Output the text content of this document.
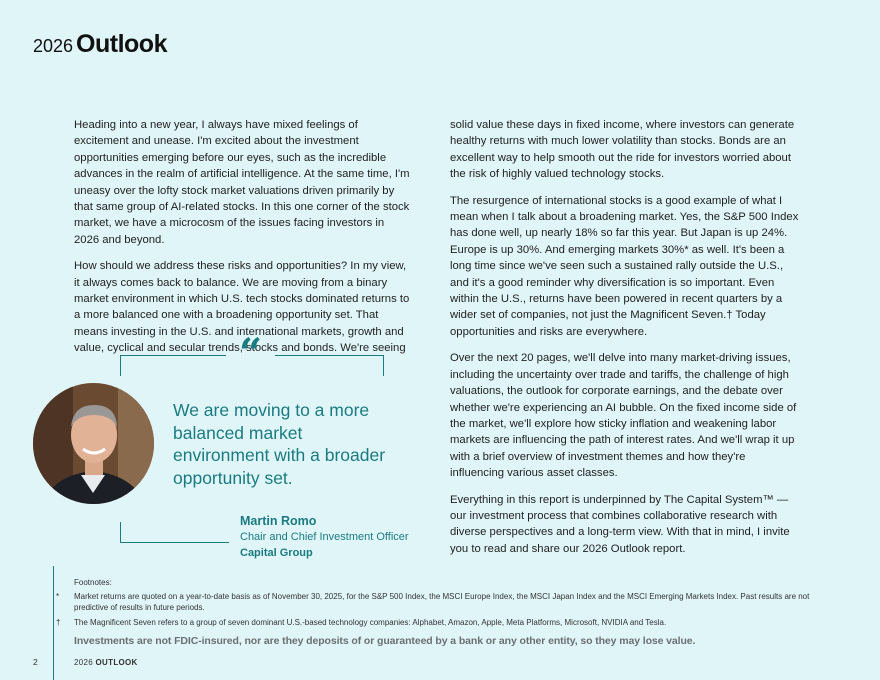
2026 Outlook

Heading into a new year, I always have mixed feelings of excitement and unease. I'm excited about the investment opportunities emerging before our eyes, such as the incredible advances in the realm of artificial intelligence. At the same time, I'm uneasy over the lofty stock market valuations driven primarily by that same group of AI-related stocks. In this one corner of the stock market, we have a microcosm of the issues facing investors in 2026 and beyond.

How should we address these risks and opportunities? In my view, it always comes back to balance. We are moving from a binary market environment in which U.S. tech stocks dominated returns to a more balanced one with a broadening opportunity set. That means investing in the U.S. and international markets, growth and value, cyclical and secular trends, stocks and bonds. We're seeing

solid value these days in fixed income, where investors can generate healthy returns with much lower volatility than stocks. Bonds are an excellent way to help smooth out the ride for investors worried about the risk of highly valued technology stocks.

The resurgence of international stocks is a good example of what I mean when I talk about a broadening market. Yes, the S&P 500 Index has done well, up nearly 18% so far this year. But Japan is up 24%. Europe is up 30%. And emerging markets 30%* as well. It's been a long time since we've seen such a sustained rally outside the U.S., and it's a good reminder why diversification is so important. Even within the U.S., returns have been powered in recent quarters by a wider set of companies, not just the Magnificent Seven.† Today opportunities and risks are everywhere.

Over the next 20 pages, we'll delve into many market-driving issues, including the uncertainty over trade and tariffs, the challenge of high valuations, the outlook for corporate earnings, and the debate over whether we're experiencing an AI bubble. On the fixed income side of the market, we'll explore how sticky inflation and weakening labor markets are influencing the path of interest rates. And we'll wrap it up with a brief overview of investment themes and how they're influencing various asset classes.

Everything in this report is underpinned by The Capital System™ — our investment process that combines collaborative research with diverse perspectives and a long-term view. With that in mind, I invite you to read and share our 2026 Outlook report.

“
We are moving to a more balanced market environment with a broader opportunity set.
Martin Romo
Chair and Chief Investment Officer
Capital Group
Footnotes:
* Market returns are quoted on a year-to-date basis as of November 30, 2025, for the S&P 500 Index, the MSCI Europe Index, the MSCI Japan Index and the MSCI Emerging Markets Index. Past results are not predictive of results in future periods.
† The Magnificent Seven refers to a group of seven dominant U.S.-based technology companies: Alphabet, Amazon, Apple, Meta Platforms, Microsoft, NVIDIA and Tesla.
Investments are not FDIC-insured, nor are they deposits of or guaranteed by a bank or any other entity, so they may lose value.
2	2026 OUTLOOK
